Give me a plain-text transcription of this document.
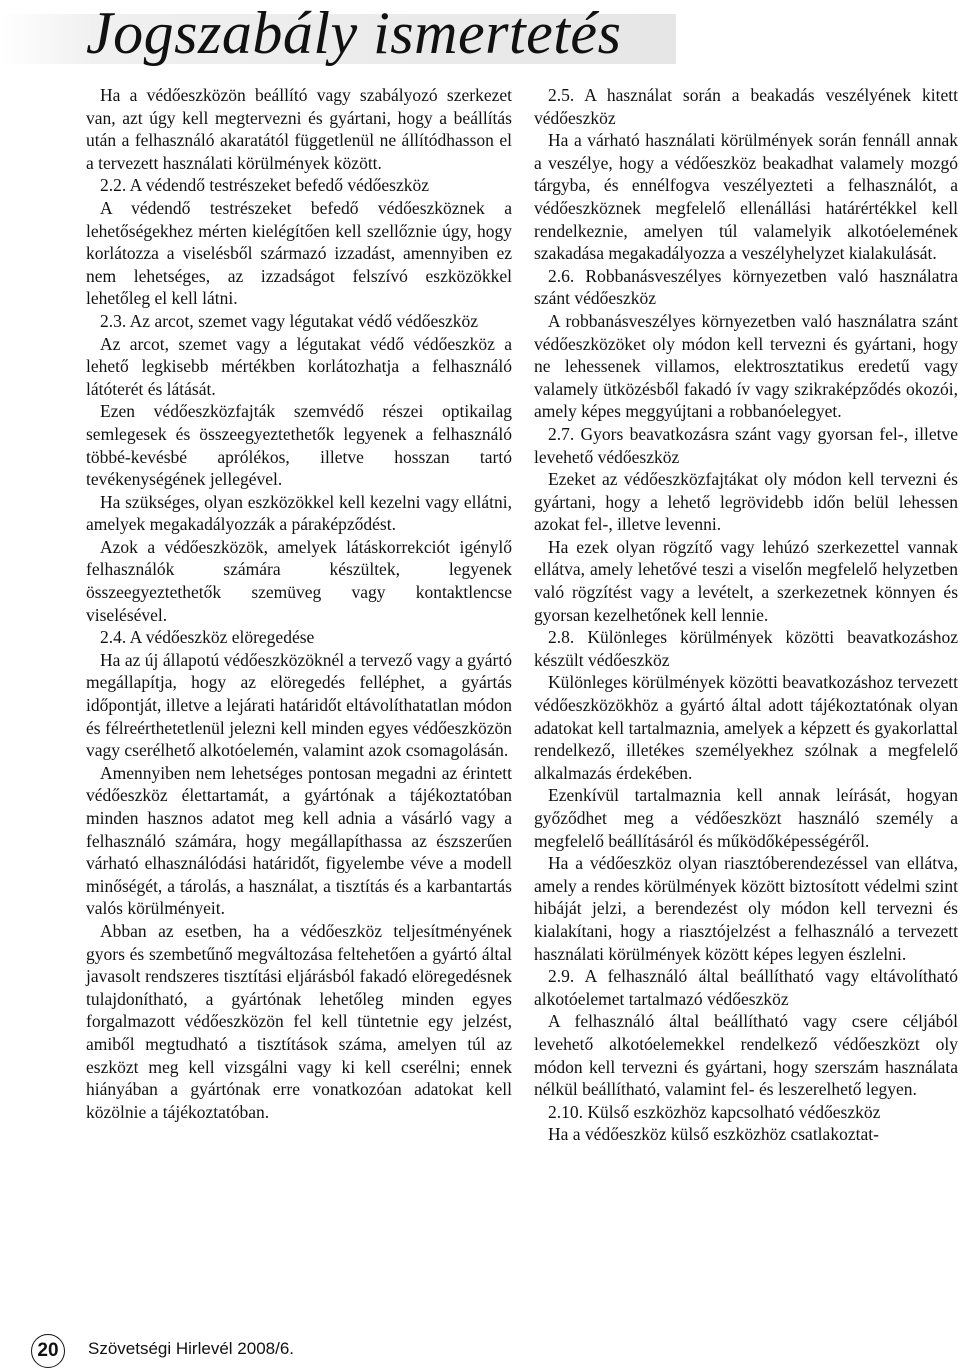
Jogszabály ismertetés

Ha a védőeszközön beállító vagy szabályozó szerkezet van, azt úgy kell megtervezni és gyártani, hogy a beállítás után a felhasználó akaratától függetlenül ne állítódhasson el a tervezett használati körülmények között.

2.2. A védendő testrészeket befedő védőeszköz

A védendő testrészeket befedő védőeszköznek a lehetőségekhez mérten kielégítően kell szellőznie úgy, hogy korlátozza a viselésből származó izzadást, amennyiben ez nem lehetséges, az izzadságot felszívó eszközökkel lehetőleg el kell látni.

2.3. Az arcot, szemet vagy légutakat védő védőeszköz

Az arcot, szemet vagy a légutakat védő védőeszköz a lehető legkisebb mértékben korlátozhatja a felhasználó látóterét és látását.

Ezen védőeszközfajták szemvédő részei optikailag semlegesek és összeegyeztethetők legyenek a felhasználó többé-kevésbé aprólékos, illetve hosszan tartó tevékenységének jellegével.

Ha szükséges, olyan eszközökkel kell kezelni vagy ellátni, amelyek megakadályozzák a páraképződést.

Azok a védőeszközök, amelyek látáskorrekciót igénylő felhasználók számára készültek, legyenek összeegyeztethetők szemüveg vagy kontaktlencse viselésével.

2.4. A védőeszköz elöregedése

Ha az új állapotú védőeszközöknél a tervező vagy a gyártó megállapítja, hogy az elöregedés felléphet, a gyártás időpontját, illetve a lejárati határidőt eltávolíthatatlan módon és félreérthetetlenül jelezni kell minden egyes védőeszközön vagy cserélhető alkotóelemén, valamint azok csomagolásán.

Amennyiben nem lehetséges pontosan megadni az érintett védőeszköz élettartamát, a gyártónak a tájékoztatóban minden hasznos adatot meg kell adnia a vásárló vagy a felhasználó számára, hogy megállapíthassa az észszerűen várható elhasználódási határidőt, figyelembe véve a modell minőségét, a tárolás, a használat, a tisztítás és a karbantartás valós körülményeit.

Abban az esetben, ha a védőeszköz teljesítményének gyors és szembetűnő megváltozása feltehetően a gyártó által javasolt rendszeres tisztítási eljárásból fakadó elöregedésnek tulajdonítható, a gyártónak lehetőleg minden egyes forgalmazott védőeszközön fel kell tüntetnie egy jelzést, amiből megtudható a tisztítások száma, amelyen túl az eszközt meg kell vizsgálni vagy ki kell cserélni; ennek hiányában a gyártónak erre vonatkozóan adatokat kell közölnie a tájékoztatóban.

2.5. A használat során a beakadás veszélyének kitett védőeszköz

Ha a várható használati körülmények során fennáll annak a veszélye, hogy a védőeszköz beakadhat valamely mozgó tárgyba, és ennélfogva veszélyezteti a felhasználót, a védőeszköznek megfelelő ellenállási határértékkel kell rendelkeznie, amelyen túl valamelyik alkotóelemének szakadása megakadályozza a veszélyhelyzet kialakulását.

2.6. Robbanásveszélyes környezetben való használatra szánt védőeszköz

A robbanásveszélyes környezetben való használatra szánt védőeszközöket oly módon kell tervezni és gyártani, hogy ne lehessenek villamos, elektrosztatikus eredetű vagy valamely ütközésből fakadó ív vagy szikraképződés okozói, amely képes meggyújtani a robbanóelegyet.

2.7. Gyors beavatkozásra szánt vagy gyorsan fel-, illetve levehető védőeszköz

Ezeket az védőeszközfajtákat oly módon kell tervezni és gyártani, hogy a lehető legrövidebb időn belül lehessen azokat fel-, illetve levenni.

Ha ezek olyan rögzítő vagy lehúzó szerkezettel vannak ellátva, amely lehetővé teszi a viselőn megfelelő helyzetben való rögzítést vagy a levételt, a szerkezetnek könnyen és gyorsan kezelhetőnek kell lennie.

2.8. Különleges körülmények közötti beavatkozáshoz készült védőeszköz

Különleges körülmények közötti beavatkozáshoz tervezett védőeszközökhöz a gyártó által adott tájékoztatónak olyan adatokat kell tartalmaznia, amelyek a képzett és gyakorlattal rendelkező, illetékes személyekhez szólnak a megfelelő alkalmazás érdekében.

Ezenkívül tartalmaznia kell annak leírását, hogyan győződhet meg a védőeszközt használó személy a megfelelő beállításáról és működőképességéről.

Ha a védőeszköz olyan riasztóberendezéssel van ellátva, amely a rendes körülmények között biztosított védelmi szint hibáját jelzi, a berendezést oly módon kell tervezni és kialakítani, hogy a riasztójelzést a felhasználó a tervezett használati körülmények között képes legyen észlelni.

2.9. A felhasználó által beállítható vagy eltávolítható alkotóelemet tartalmazó védőeszköz

A felhasználó által beállítható vagy csere céljából levehető alkotóelemekkel rendelkező védőeszközt oly módon kell tervezni és gyártani, hogy szerszám használata nélkül beállítható, valamint fel- és leszerelhető legyen.

2.10. Külső eszközhöz kapcsolható védőeszköz

Ha a védőeszköz külső eszközhöz csatlakoztat-

20	Szövetségi Hirlevél 2008/6.
